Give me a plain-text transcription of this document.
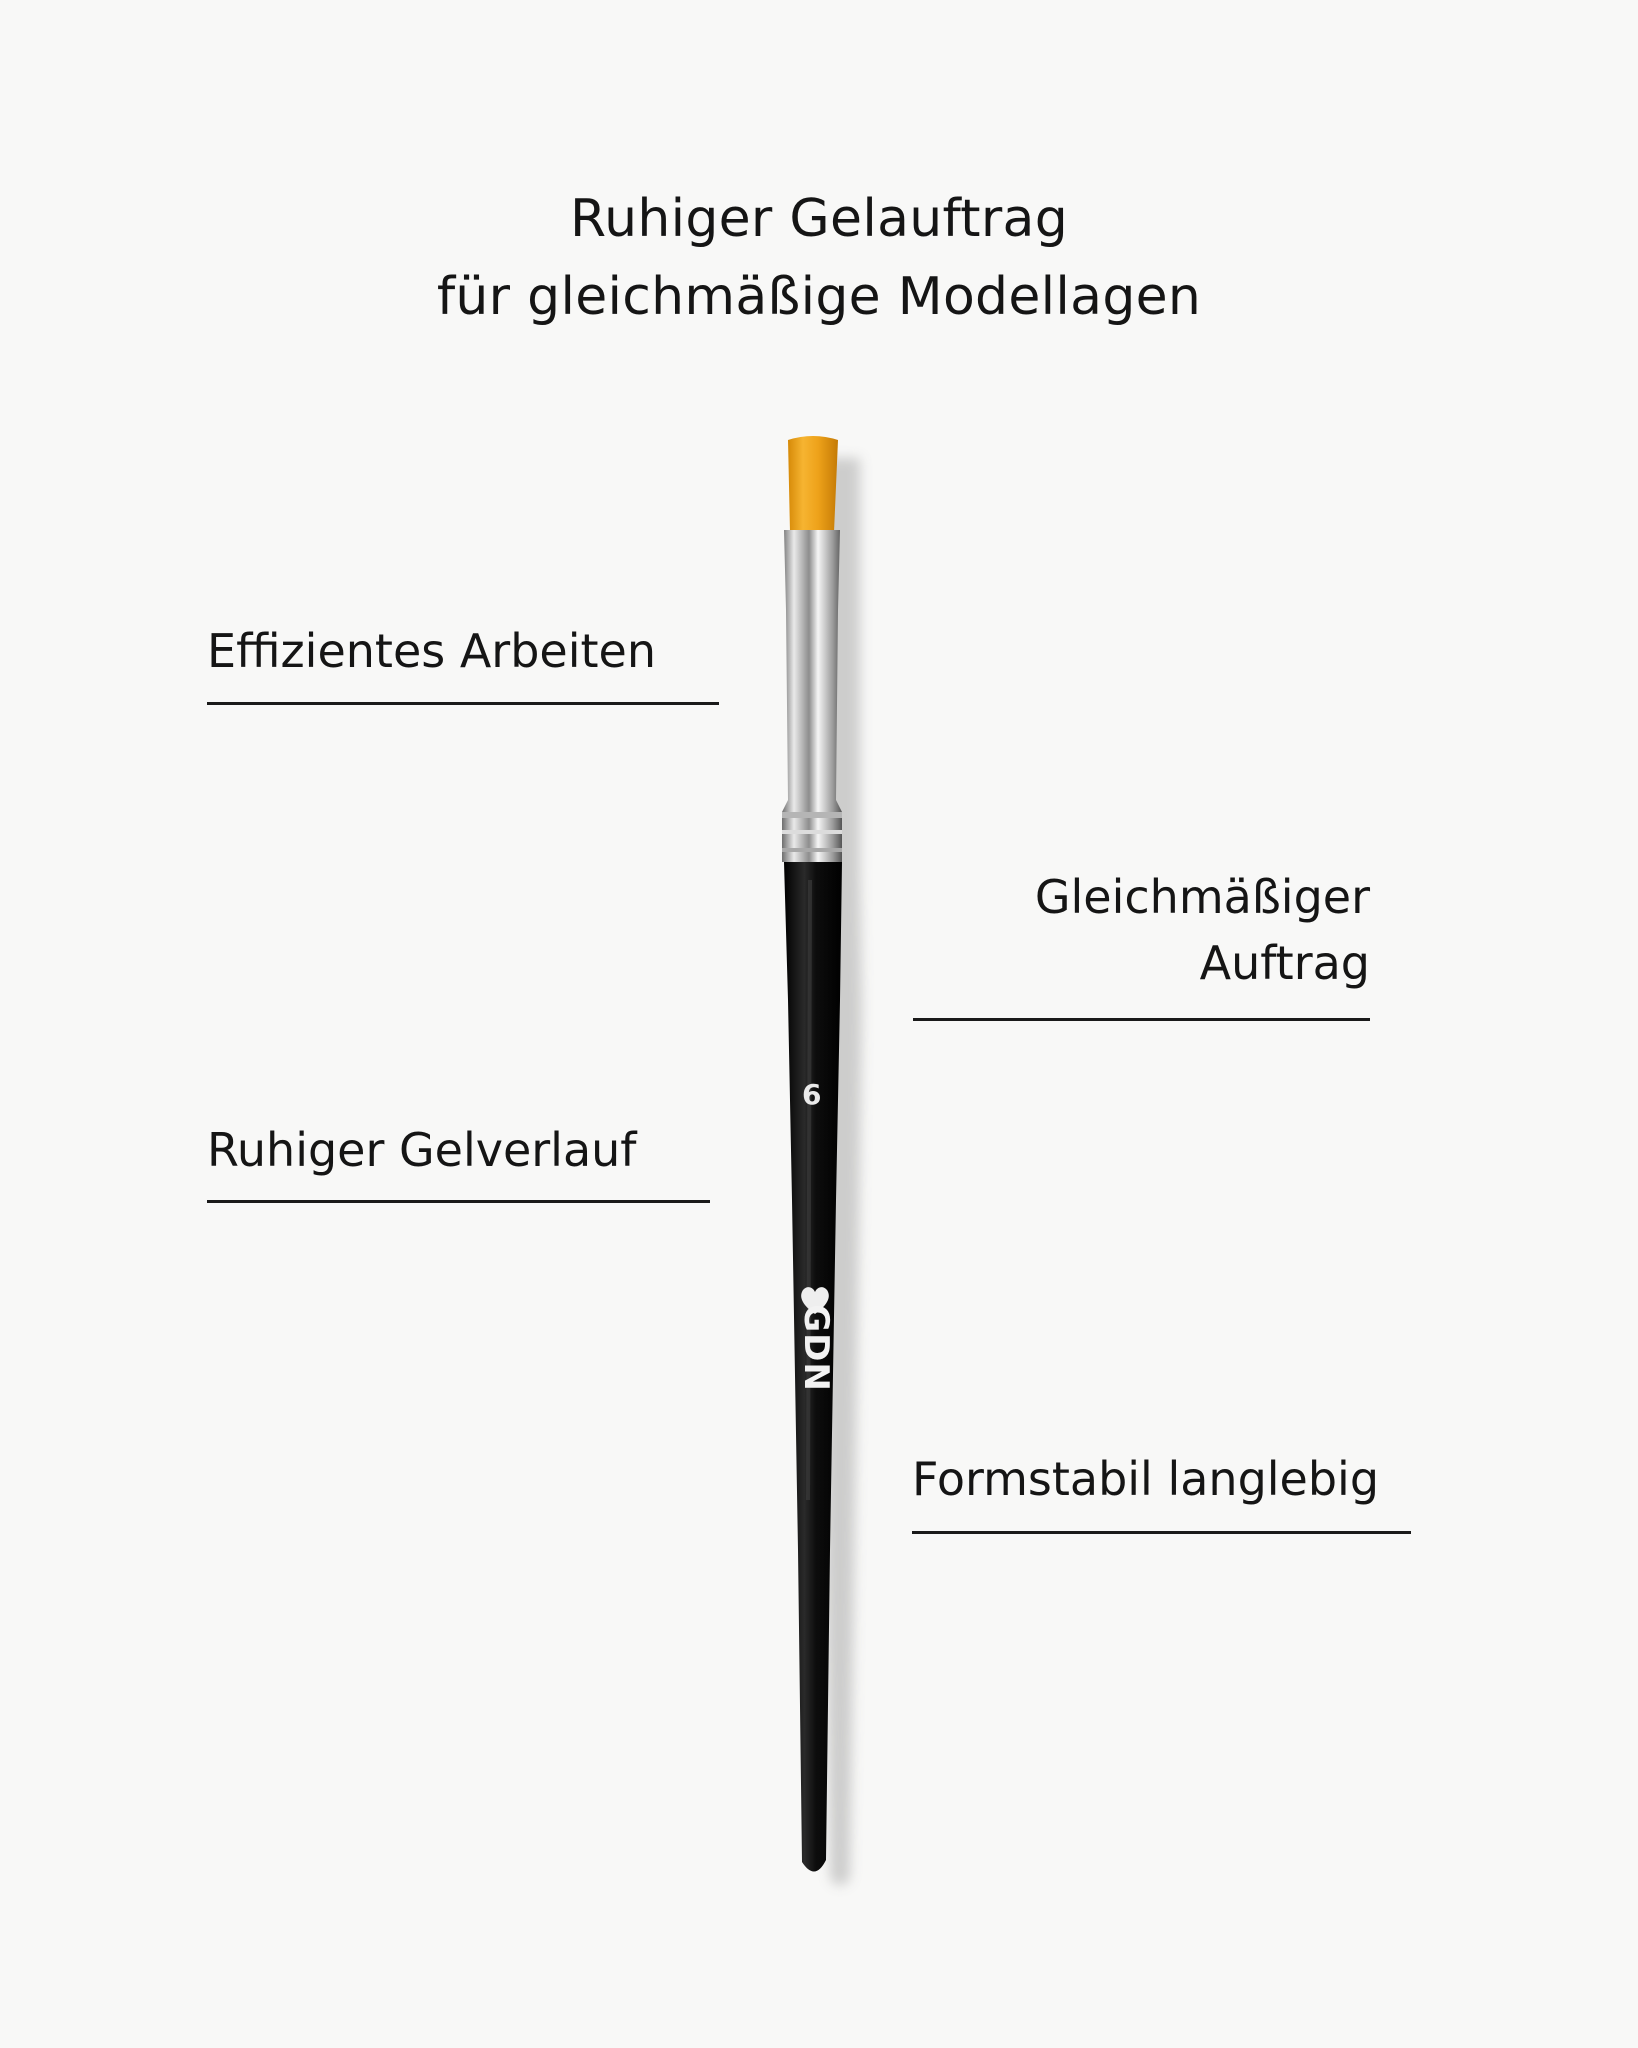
Ruhiger Gelauftrag
für gleichmäßige Modellagen
Effizientes Arbeiten
Gleichmäßiger
Auftrag
Ruhiger Gelverlauf
Formstabil langlebig
6
GDN
